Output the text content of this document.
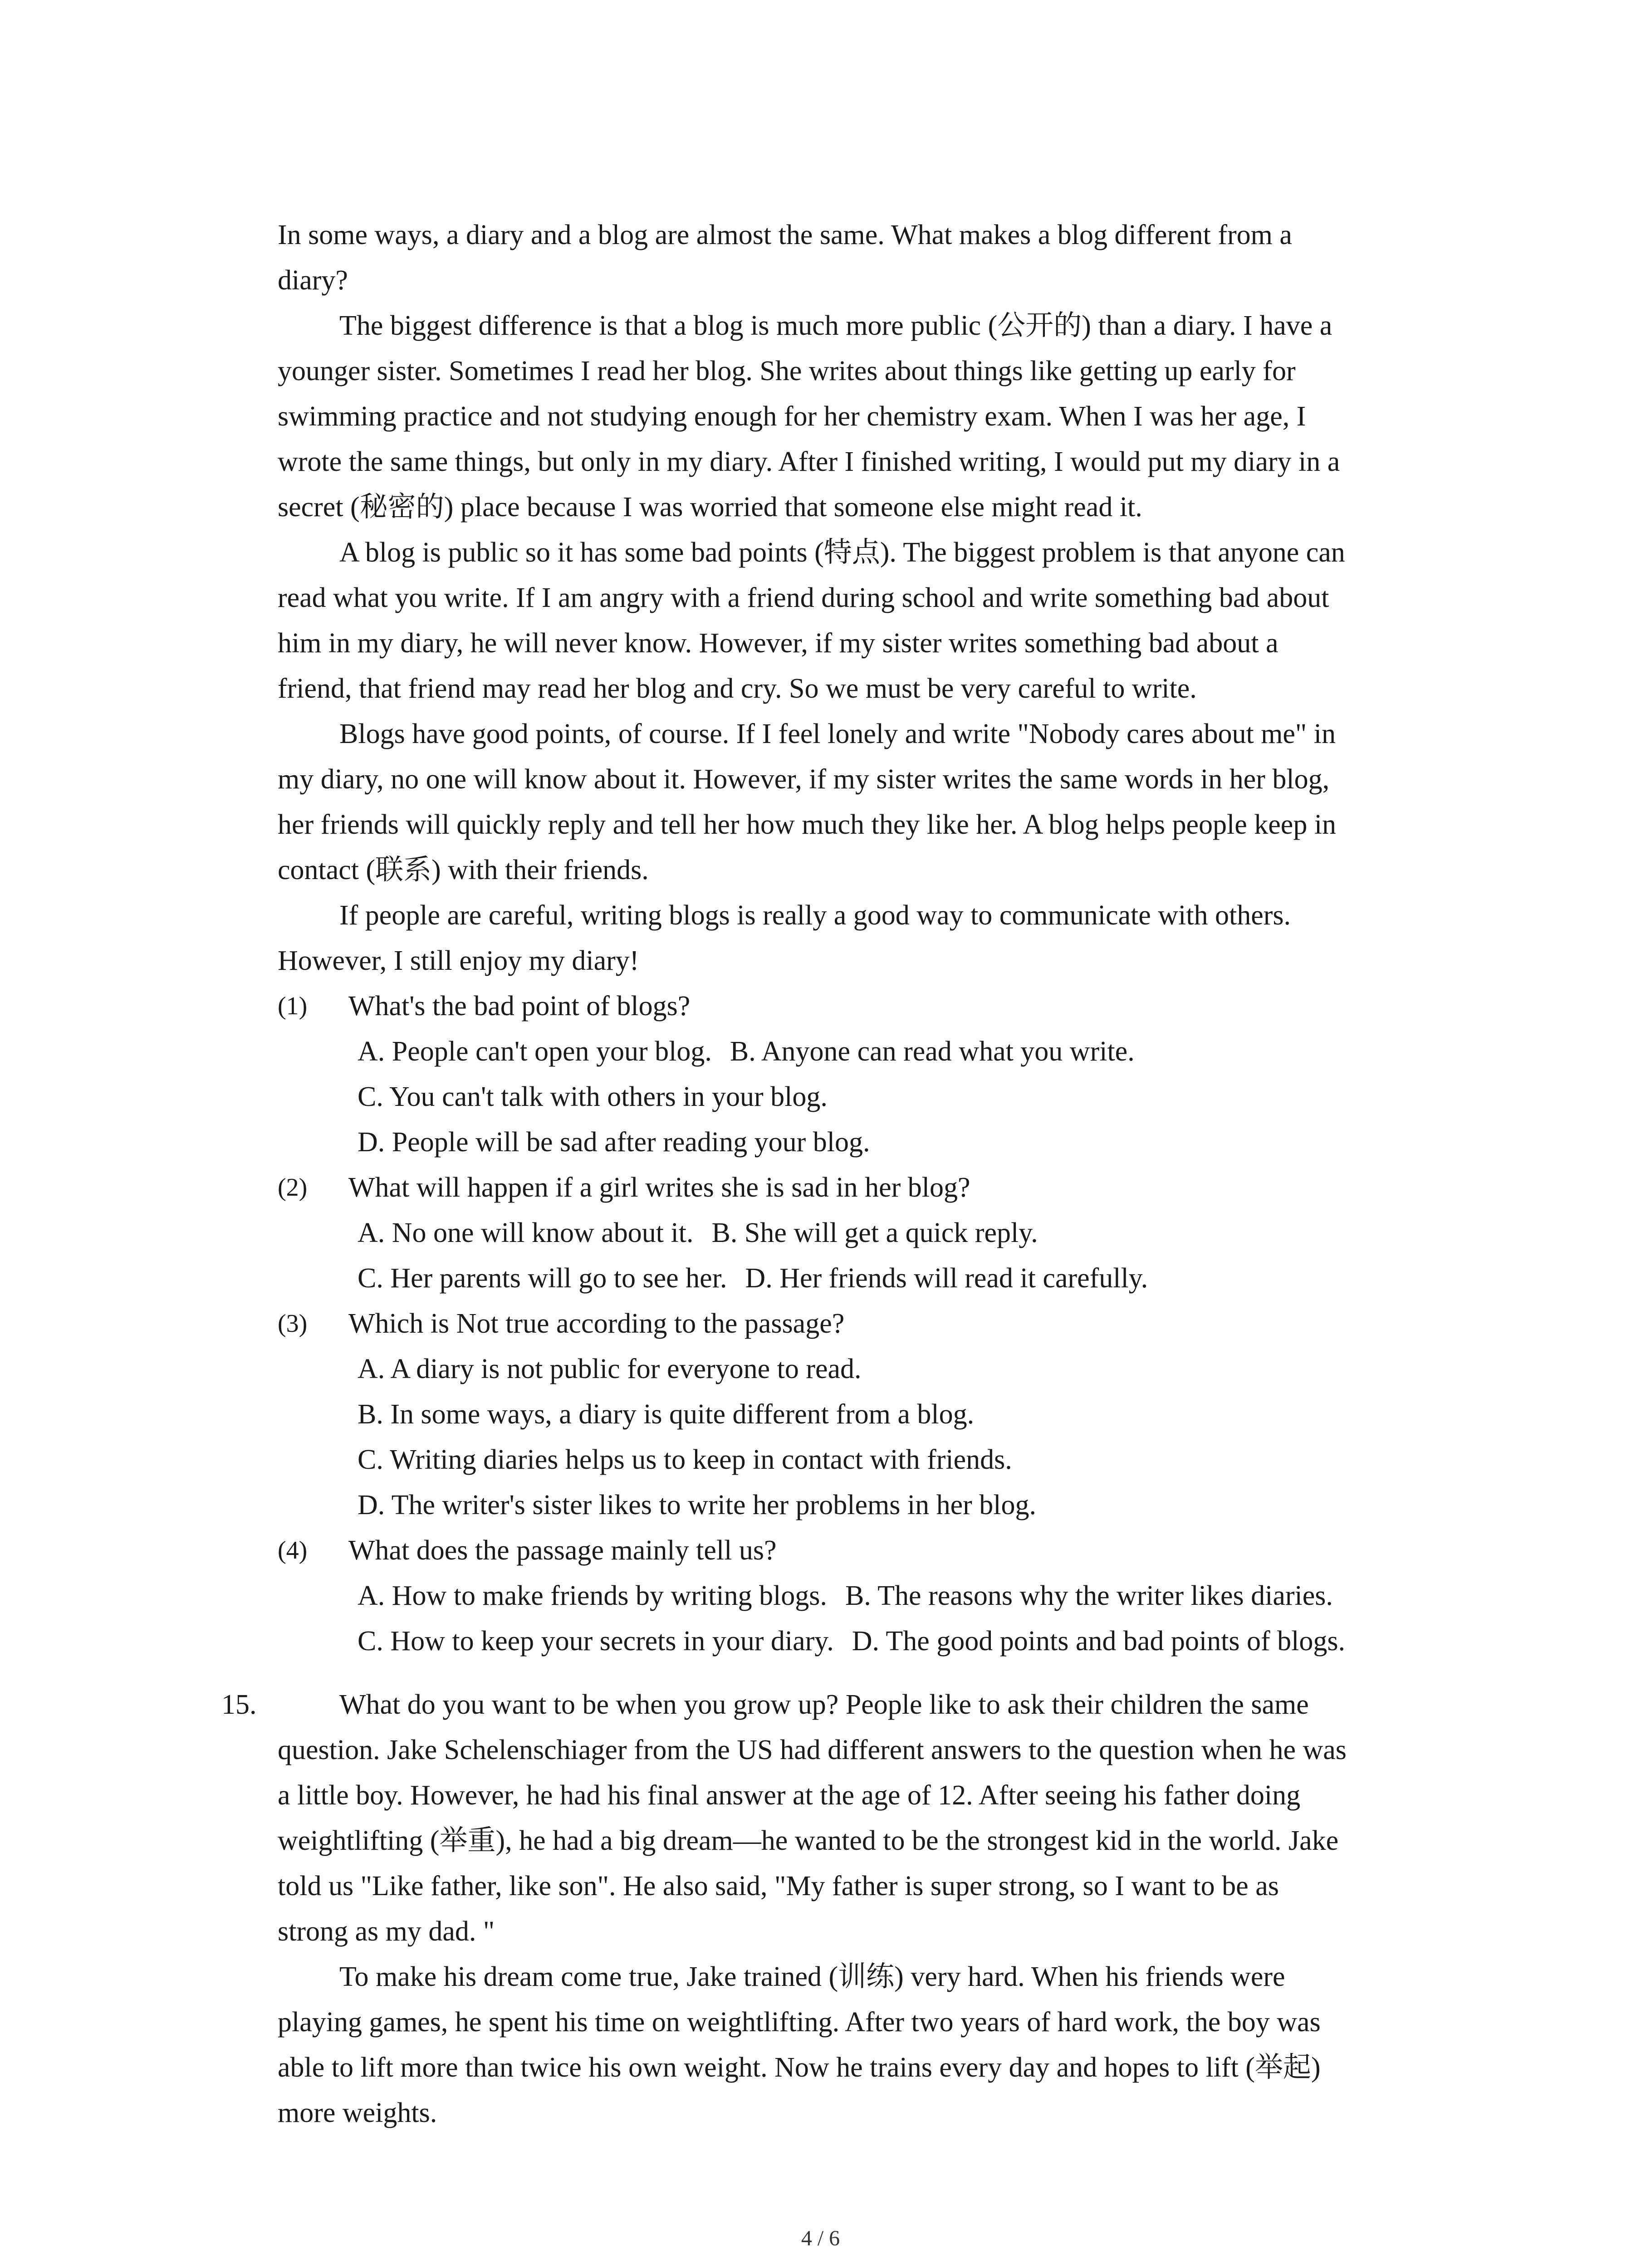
In some ways, a diary and a blog are almost the same. What makes a blog different from a
diary?
The biggest difference is that a blog is much more public (公开的) than a diary. I have a
younger sister. Sometimes I read her blog. She writes about things like getting up early for
swimming practice and not studying enough for her chemistry exam. When I was her age, I
wrote the same things, but only in my diary. After I finished writing, I would put my diary in a
secret (秘密的) place because I was worried that someone else might read it.
A blog is public so it has some bad points (特点). The biggest problem is that anyone can
read what you write. If I am angry with a friend during school and write something bad about
him in my diary, he will never know. However, if my sister writes something bad about a
friend, that friend may read her blog and cry. So we must be very careful to write.
Blogs have good points, of course. If I feel lonely and write "Nobody cares about me" in
my diary, no one will know about it. However, if my sister writes the same words in her blog,
her friends will quickly reply and tell her how much they like her. A blog helps people keep in
contact (联系) with their friends.
If people are careful, writing blogs is really a good way to communicate with others.
However, I still enjoy my diary!
(1) What's the bad point of blogs?
A. People can't open your blog. B. Anyone can read what you write.
C. You can't talk with others in your blog.
D. People will be sad after reading your blog.
(2) What will happen if a girl writes she is sad in her blog?
A. No one will know about it. B. She will get a quick reply.
C. Her parents will go to see her. D. Her friends will read it carefully.
(3) Which is Not true according to the passage?
A. A diary is not public for everyone to read.
B. In some ways, a diary is quite different from a blog.
C. Writing diaries helps us to keep in contact with friends.
D. The writer's sister likes to write her problems in her blog.
(4) What does the passage mainly tell us?
A. How to make friends by writing blogs. B. The reasons why the writer likes diaries.
C. How to keep your secrets in your diary. D. The good points and bad points of blogs.
15.	What do you want to be when you grow up? People like to ask their children the same
question. Jake Schelenschiager from the US had different answers to the question when he was
a little boy. However, he had his final answer at the age of 12. After seeing his father doing
weightlifting (举重), he had a big dream—he wanted to be the strongest kid in the world. Jake
told us "Like father, like son". He also said, "My father is super strong, so I want to be as
strong as my dad. "
To make his dream come true, Jake trained (训练) very hard. When his friends were
playing games, he spent his time on weightlifting. After two years of hard work, the boy was
able to lift more than twice his own weight. Now he trains every day and hopes to lift (举起)
more weights.
4 / 6
